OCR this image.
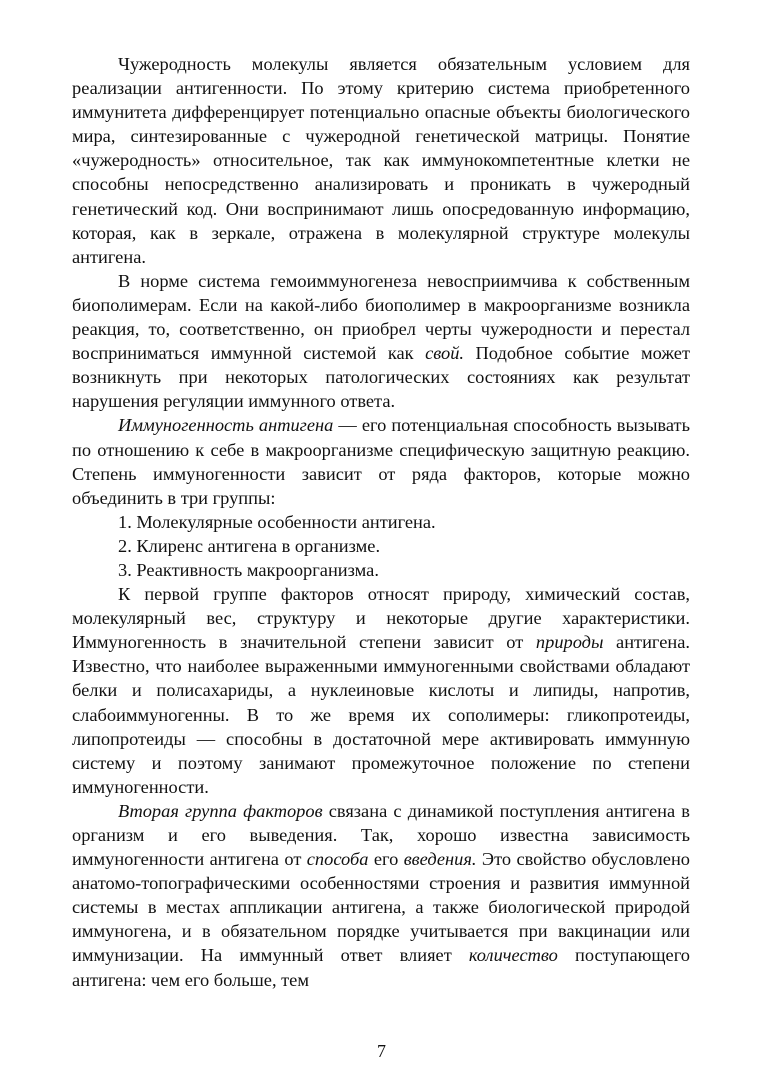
Чужеродность молекулы является обязательным условием для реализации антигенности. По этому критерию система приобретенного иммунитета дифференцирует потенциально опасные объекты биологического мира, синтезированные с чужеродной генетической матрицы. Понятие «чужеродность» относительное, так как иммунокомпетентные клетки не способны непосредственно анализировать и проникать в чужеродный генетический код. Они воспринимают лишь опосредованную информацию, которая, как в зеркале, отражена в молекулярной структуре молекулы антигена.

В норме система гемоиммуногенеза невосприимчива к собственным биополимерам. Если на какой-либо биополимер в макроорганизме возникла реакция, то, соответственно, он приобрел черты чужеродности и перестал восприниматься иммунной системой как свой. Подобное событие может возникнуть при некоторых патологических состояниях как результат нарушения регуляции иммунного ответа.

Иммуногенность антигена — его потенциальная способность вызывать по отношению к себе в макроорганизме специфическую защитную реакцию. Степень иммуногенности зависит от ряда факторов, которые можно объединить в три группы:

1. Молекулярные особенности антигена.

2. Клиренс антигена в организме.

3. Реактивность макроорганизма.

К первой группе факторов относят природу, химический состав, молекулярный вес, структуру и некоторые другие характеристики. Иммуногенность в значительной степени зависит от природы антигена. Известно, что наиболее выраженными иммуногенными свойствами обладают белки и полисахариды, а нуклеиновые кислоты и липиды, напротив, слабоиммуногенны. В то же время их сополимеры: гликопротеиды, липопротеиды — способны в достаточной мере активировать иммунную систему и поэтому занимают промежуточное положение по степени иммуногенности.

Вторая группа факторов связана с динамикой поступления антигена в организм и его выведения. Так, хорошо известна зависимость иммуногенности антигена от способа его введения. Это свойство обусловлено анатомо-топографическими особенностями строения и развития иммунной системы в местах аппликации антигена, а также биологической природой иммуногена, и в обязательном порядке учитывается при вакцинации или иммунизации. На иммунный ответ влияет количество поступающего антигена: чем его больше, тем

7
